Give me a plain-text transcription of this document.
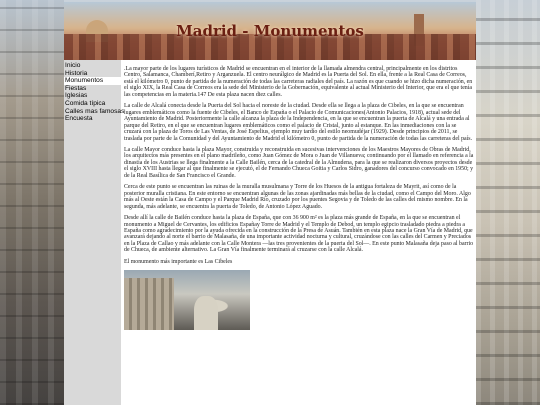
Madrid - Monumentos
Inicio
Historia
Monumentos
Fiestas
Iglesias
Comida típica
Calles mas famosas
Encuesta

.La mayor parte de los lugares turísticos de Madrid se encuentran en el interior de la llamada almendra central, principalmente en los distritos Centro, Salamanca, Chamberí,Retiro y Arganzuela. El centro neurálgico de Madrid es la Puerta del Sol. En ella, frente a la Real Casa de Correos, está el kilómetro 0, punto de partida de la numeración de todas las carreteras radiales del país. La razón es que cuando se hizo dicha numeración, en el siglo XIX, la Real Casa de Correos era la sede del Ministerio de la Gobernación, equivalente al actual Ministerio del Interior, que era el que tenía las competencias en la materia.147 De esta plaza nacen diez calles.

La calle de Alcalá conecta desde la Puerta del Sol hacia el noreste de la ciudad. Desde ella se llega a la plaza de Cibeles, en la que se encuentran lugares emblemáticos como la fuente de Cibeles, el Banco de España o el Palacio de Comunicaciones(Antonio Palacios, 1918), actual sede del Ayuntamiento de Madrid. Posteriormente la calle alcanza la plaza de la Independencia, en la que se encuentran la puerta de Alcalá y una entrada al parque del Retiro, en el que se encuentran lugares emblemáticos como el palacio de Cristal, junto al estanque. En las inmediaciones con la se cruzará con la plaza de Toros de Las Ventas, de José Espelius, ejemplo muy tardío del estilo neomudéjar (1929). Desde principios de 2011, se traslada por parte de la Comunidad y del Ayuntamiento de Madrid el kilómetro 0, punto de partida de la numeración de todas las carreteras del país.

La calle Mayor conduce hasta la plaza Mayor, construida y reconstruida en sucesivas intervenciones de los Maestros Mayores de Obras de Madrid, los arquitectos más presentes en el plano madrileño, como Juan Gómez de Mora o Juan de Villanueva; continuando por el llamado en referencia a la dinastía de los Austrias se llega finalmente a la Calle Bailén, cerca de la catedral de la Almudena, para la que se realizaron diversos proyectos desde el siglo XVIII hasta llegar al que finalmente se ejecutó, el de Fernando Chueca Goitia y Carlos Sidro, ganadores del concurso convocado en 1950; y de la Real Basílica de San Francisco el Grande.

Cerca de este punto se encuentran las ruinas de la muralla musulmana y Torre de los Huesos de la antigua fortaleza de Mayrit, así como de la posterior muralla cristiana. En este entorno se encuentran algunas de las zonas ajardinadas más bellas de la ciudad, como el Campo del Moro. Algo más al Oeste están la Casa de Campo y el Parque Madrid Río, cruzado por los puentes Segovia y de Toledo de las calles del mismo nombre. En la segunda, más adelante, se encuentra la puerta de Toledo, de Antonio López Aguado.

Desde allí la calle de Bailén conduce hasta la plaza de España, que con 36 900 m² es la plaza más grande de España, en la que se encuentran el monumento a Miguel de Cervantes, los edificios Españay Torre de Madrid y el Templo de Debod, un templo egipcio trasladado piedra a piedra a España como agradecimiento por la ayuda ofrecida en la construcción de la Presa de Asuán. También en esta plaza nace la Gran Vía de Madrid, que avanzará dejando al norte el barrio de Malasaña, de una importante actividad nocturna y cultural, cruzándose con las calles del Carmen y Preciados en la Plaza de Callao y más adelante con la Calle Montera —las tres provenientes de la puerta del Sol—. En este punto Malasaña deja paso al barrio de Chueca, de ambiente alternativo. La Gran Vía finalmente terminará al cruzarse con la calle Alcalá.

El monumento más importante es Las Cibeles
